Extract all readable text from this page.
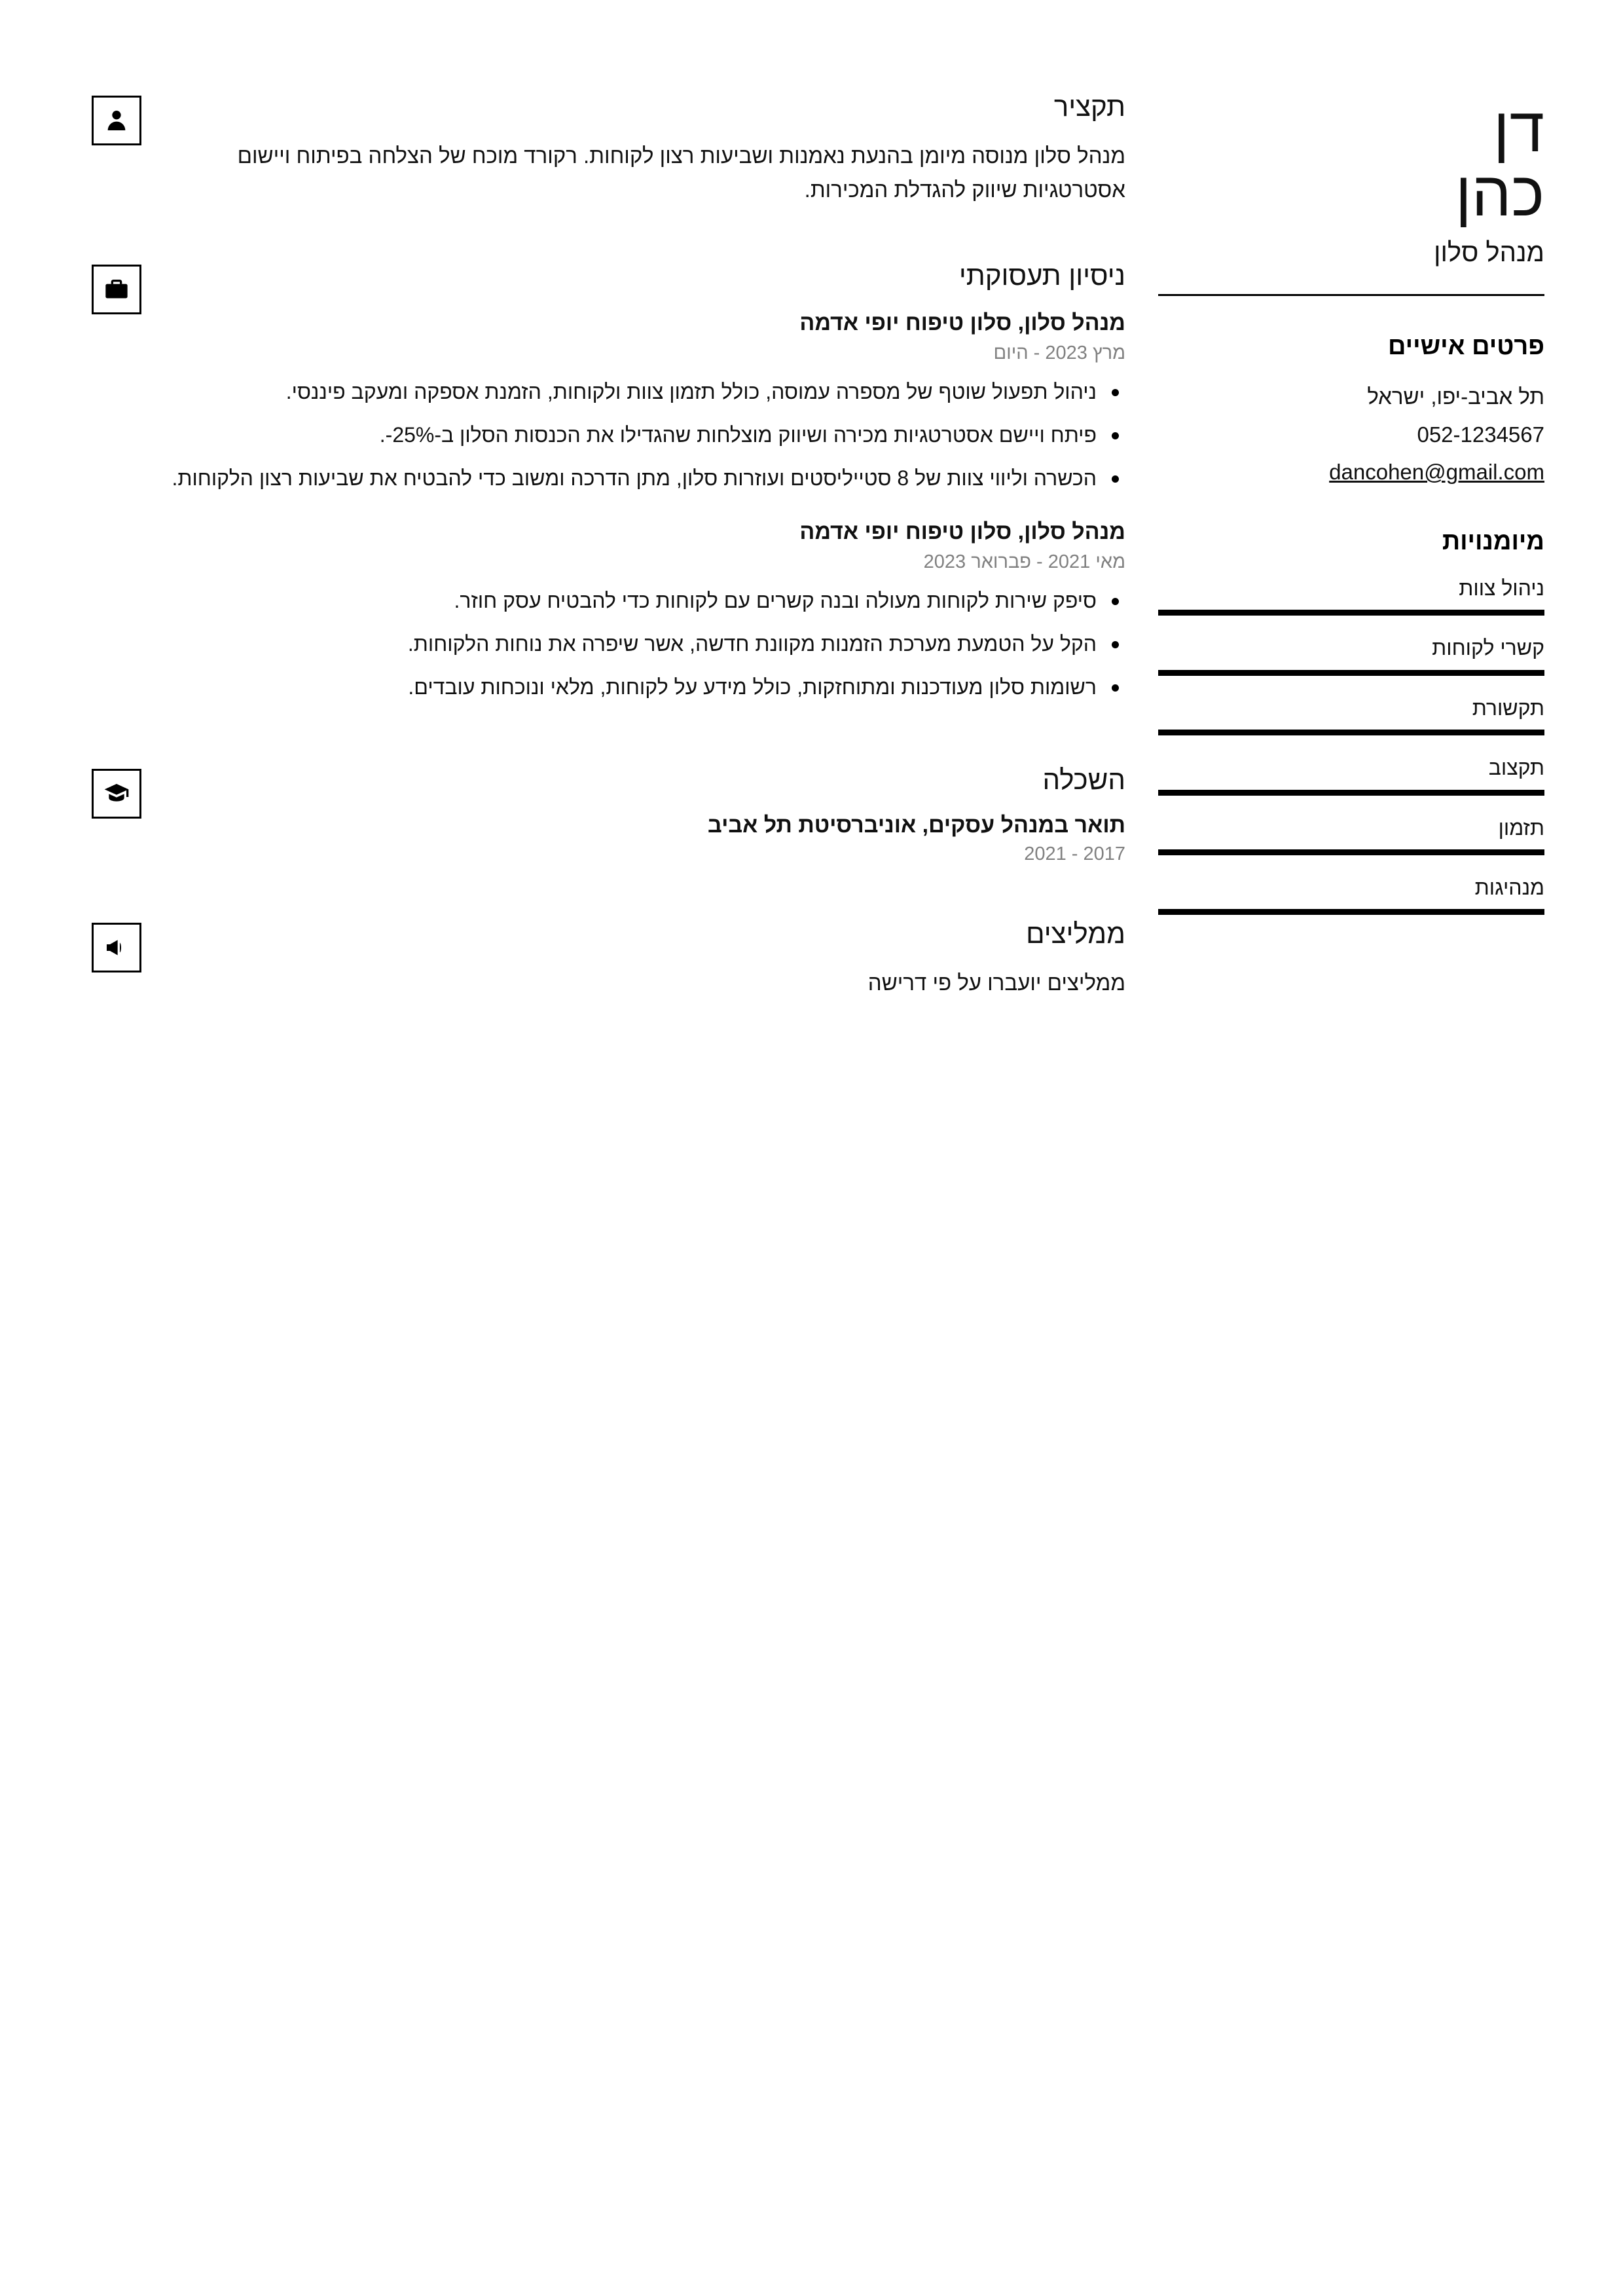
תקציר
מנהל סלון מנוסה מיומן בהנעת נאמנות ושביעות רצון לקוחות. רקורד מוכח של הצלחה בפיתוח ויישום אסטרטגיות שיווק להגדלת המכירות.
ניסיון תעסוקתי
מנהל סלון, סלון טיפוח יופי אדמה
מרץ 2023 - היום
ניהול תפעול שוטף של מספרה עמוסה, כולל תזמון צוות ולקוחות, הזמנת אספקה ומעקב פיננסי.
פיתח ויישם אסטרטגיות מכירה ושיווק מוצלחות שהגדילו את הכנסות הסלון ב-25%-.
הכשרה וליווי צוות של 8 סטייליסטים ועוזרות סלון, מתן הדרכה ומשוב כדי להבטיח את שביעות רצון הלקוחות.
מנהל סלון, סלון טיפוח יופי אדמה
מאי 2021 - פברואר 2023
סיפק שירות לקוחות מעולה ובנה קשרים עם לקוחות כדי להבטיח עסק חוזר.
הקל על הטמעת מערכת הזמנות מקוונת חדשה, אשר שיפרה את נוחות הלקוחות.
רשומות סלון מעודכנות ומתוחזקות, כולל מידע על לקוחות, מלאי ונוכחות עובדים.
השכלה
תואר במנהל עסקים, אוניברסיטת תל אביב
2017 - 2021
ממליצים
ממליצים יועברו על פי דרישה
דן
כהן
מנהל סלון
פרטים אישיים
תל אביב-יפו, ישראל
052-1234567
dancohen@gmail.com
מיומנויות
ניהול צוות
קשרי לקוחות
תקשורת
תקצוב
תזמון
מנהיגות
